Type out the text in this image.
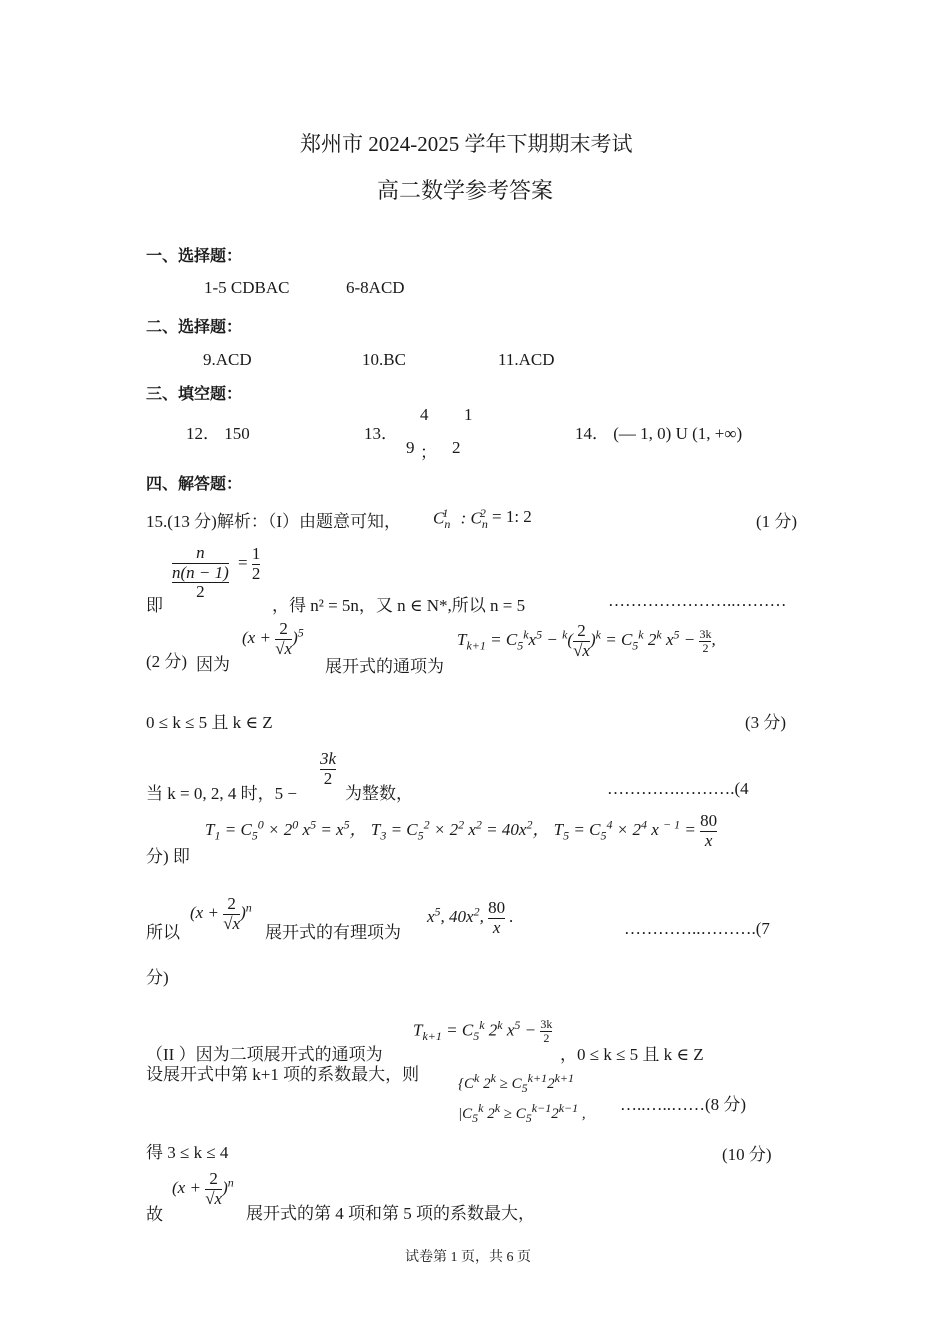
郑州市 2024-2025 学年下期期末考试
高二数学参考答案
一、选择题：
1-5 CDBAC	6-8ACD
二、选择题：
9.ACD	10.BC	11.ACD
三、填空题：
12． 150	13．
4 1
9 ； 2
14． (— 1, 0) U (1, +∞)
四、解答题：
15.(13 分)解析：（I）由题意可知， $C_n^1$ : $C_n^2 = 1$: 2	(1 分)
即
n
n(n − 1)
2
= $\frac{1}{2}$
，得 n² = 5n，又 n ∈ N*,所以 n = 5	…………………..………
(2 分) 因为
$(x + \frac{2}{√x} )^5$
展开式的通项为
$T_{k+1} = C_5^kx^5 - ^k( \frac{2}{√x} )^k = C_5^k$ 2$^k$ $x^5 - \frac{3k}{2}$ ,
0 ≤ k ≤ 5 且 k ∈ Z	(3 分)
当 k = 0, 2, 4 时，5 −
$\frac{3k}{2}$
为整数，	………….……….(4
分) 即
$T_1 = C_5^0 \times 2^0$ $x^5 = x^5$， $T_3 = C_5^2 \times 2^2$ $x^2 = 40x^2$， $T_5 = C_5^4 \times 2^4$ x $^{- 1} = \frac{80}{x}$
所以
$(x + \frac{2}{√x} )^n$
展开式的有理项为
$x^5$, $40x^2$, $\frac{80}{x}$ .
…………..……….(7
分)
（II ）因为二项展开式的通项为
$T_{k+1} = C_5^k$ 2$^k$ $x^5 - \frac{3k}{2}$
，0 ≤ k ≤ 5 且 k ∈ Z
设展开式中第 k+1 项的系数最大，则	{$C^k$ $2^k \ge C_5^{k+1}2^{k+1}$
$|C_5^k$ $2^k \ge C_5^{k-1}2^{k-1}$ ,
…..…..……(8 分)
得 3 ≤ k ≤ 4	(10 分)
故
$(x + \frac{2}{√x} )^n$
展开式的第 4 项和第 5 项的系数最大，
试卷第 1 页，共 6 页
